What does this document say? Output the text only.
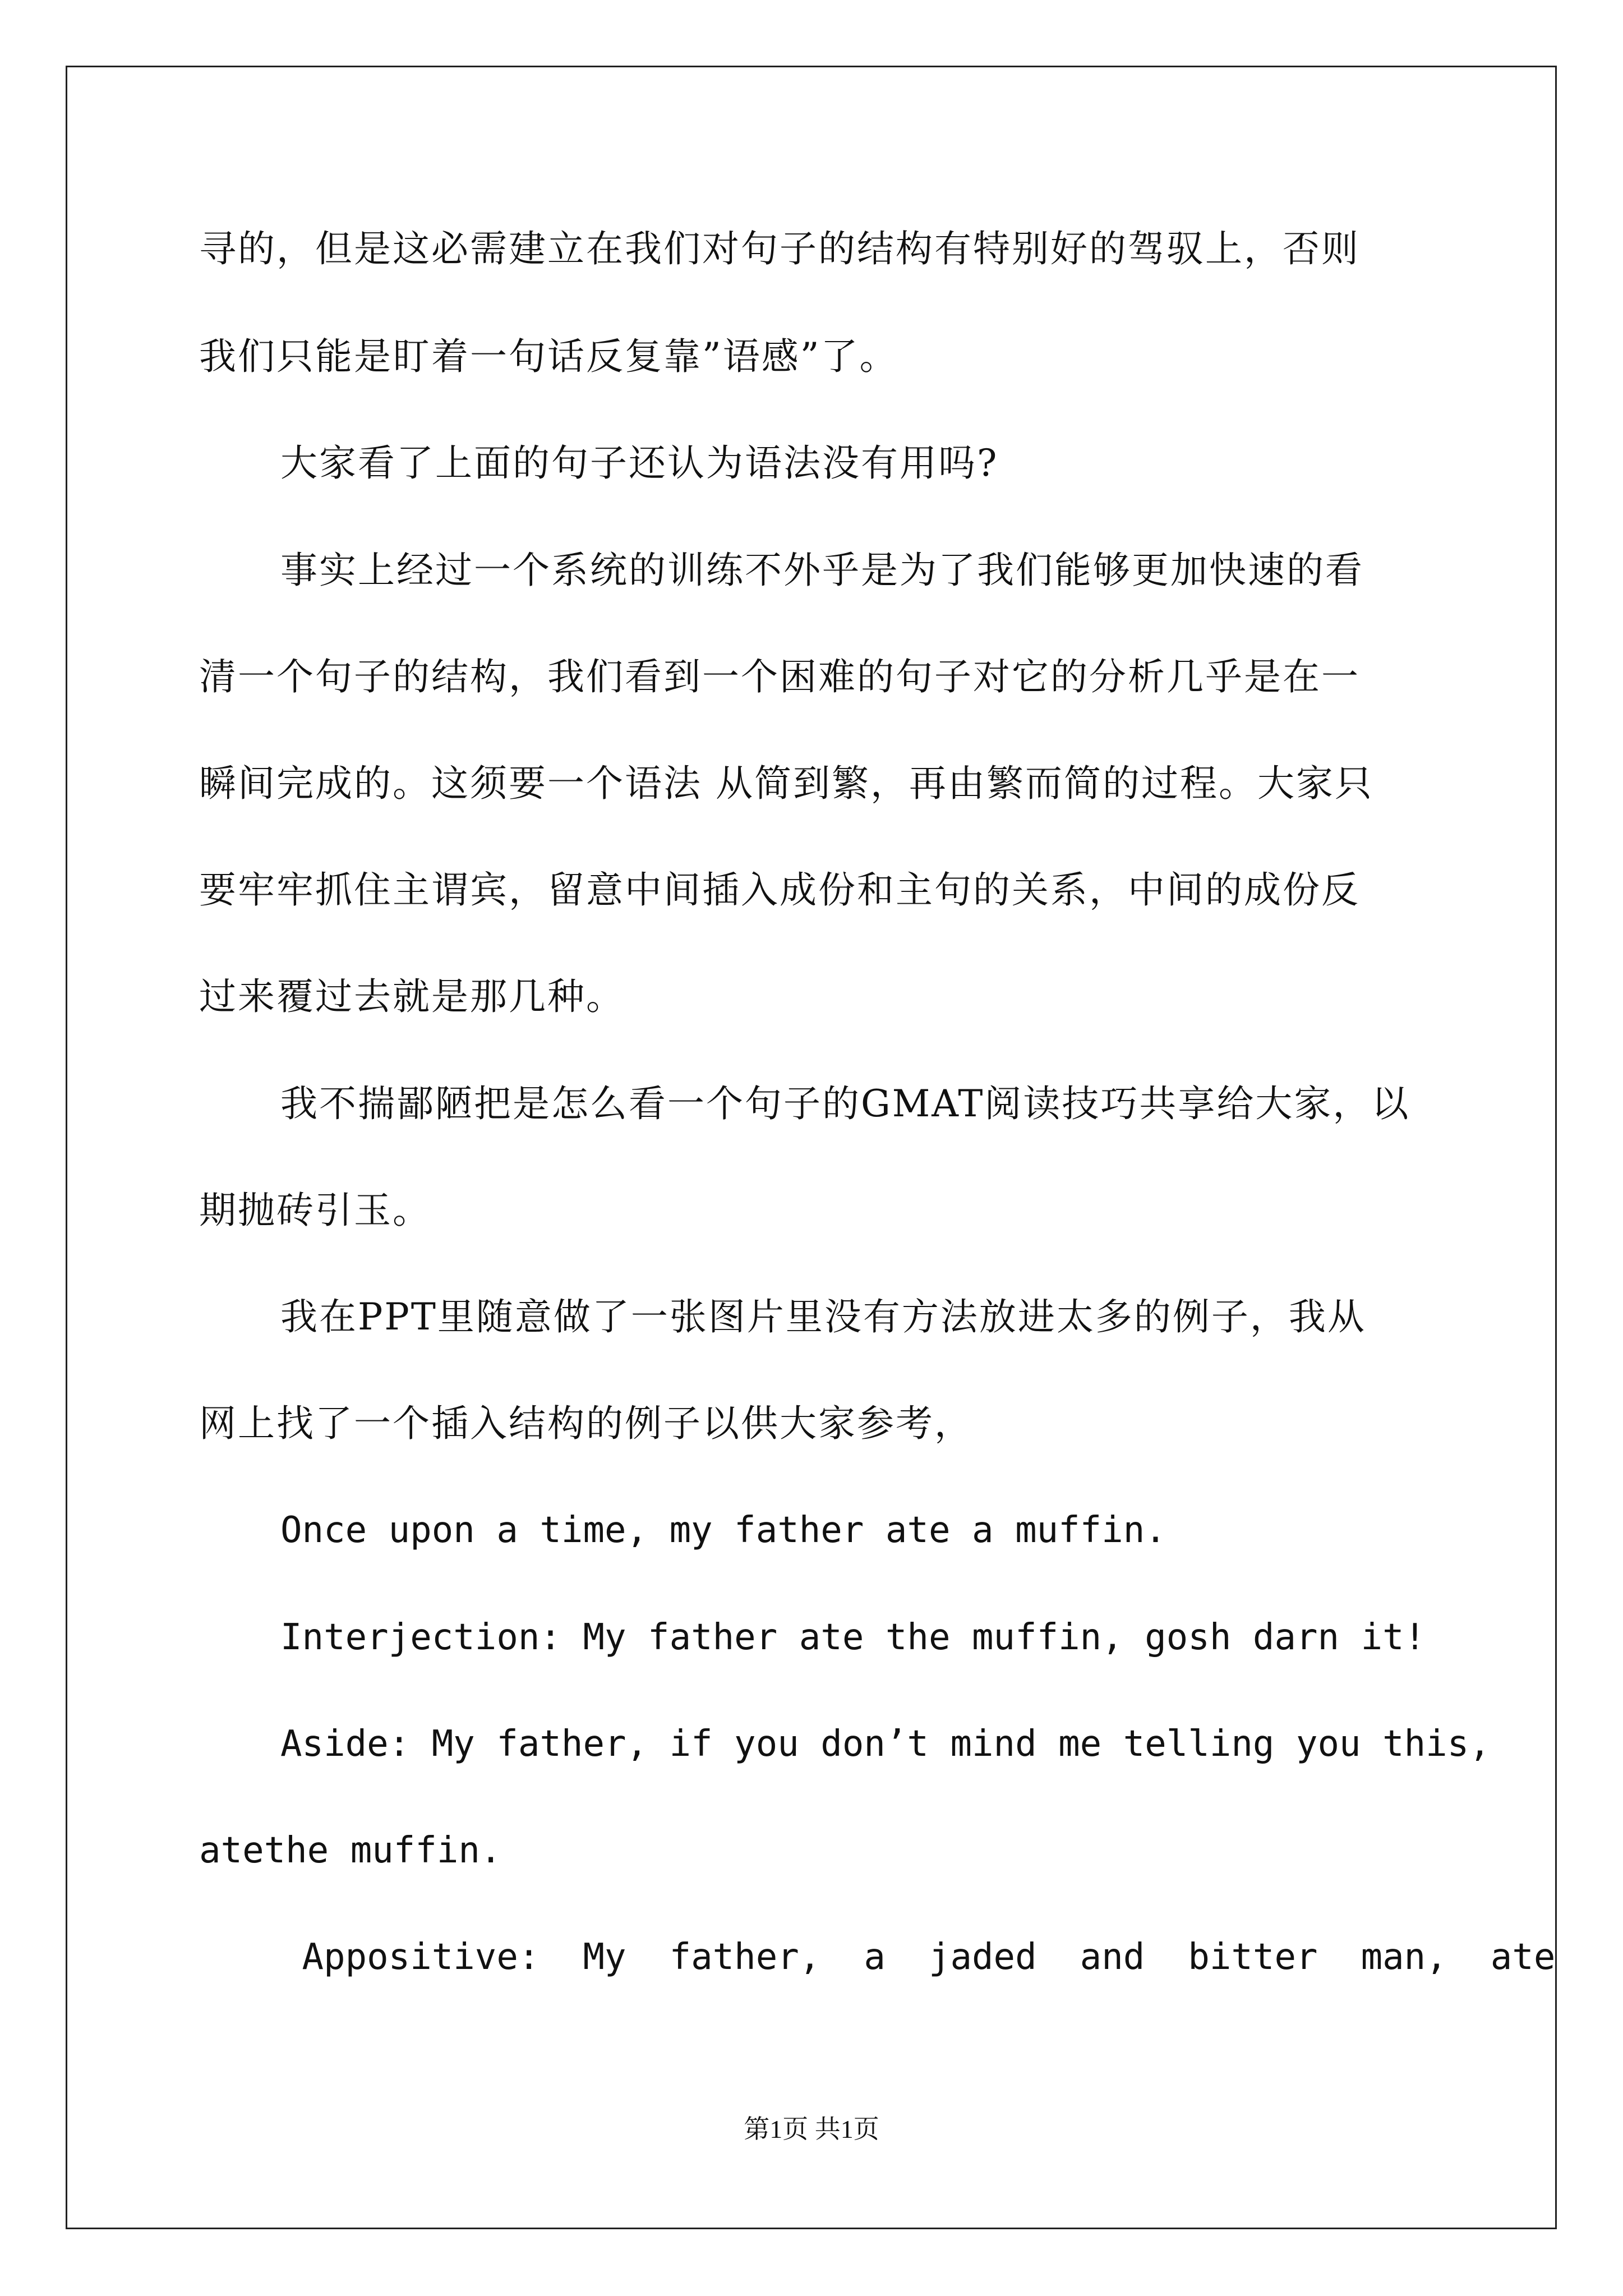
寻的，但是这必需建立在我们对句子的结构有特别好的驾驭上，否则
我们只能是盯着一句话反复靠”语感”了。
大家看了上面的句子还认为语法没有用吗?
事实上经过一个系统的训练不外乎是为了我们能够更加快速的看
清一个句子的结构，我们看到一个困难的句子对它的分析几乎是在一
瞬间完成的。这须要一个语法 从简到繁，再由繁而简的过程。大家只
要牢牢抓住主谓宾，留意中间插入成份和主句的关系，中间的成份反
过来覆过去就是那几种。
我不揣鄙陋把是怎么看一个句子的GMAT阅读技巧共享给大家，以
期抛砖引玉。
我在PPT里随意做了一张图片里没有方法放进太多的例子，我从
网上找了一个插入结构的例子以供大家参考，
Once upon a time, my father ate a muffin.
Interjection: My father ate the muffin, gosh darn it!
Aside: My father, if you don’t mind me telling you this,
atethe muffin.
Appositive:  My  father,  a  jaded  and  bitter  man,  ate
第1页 共1页
